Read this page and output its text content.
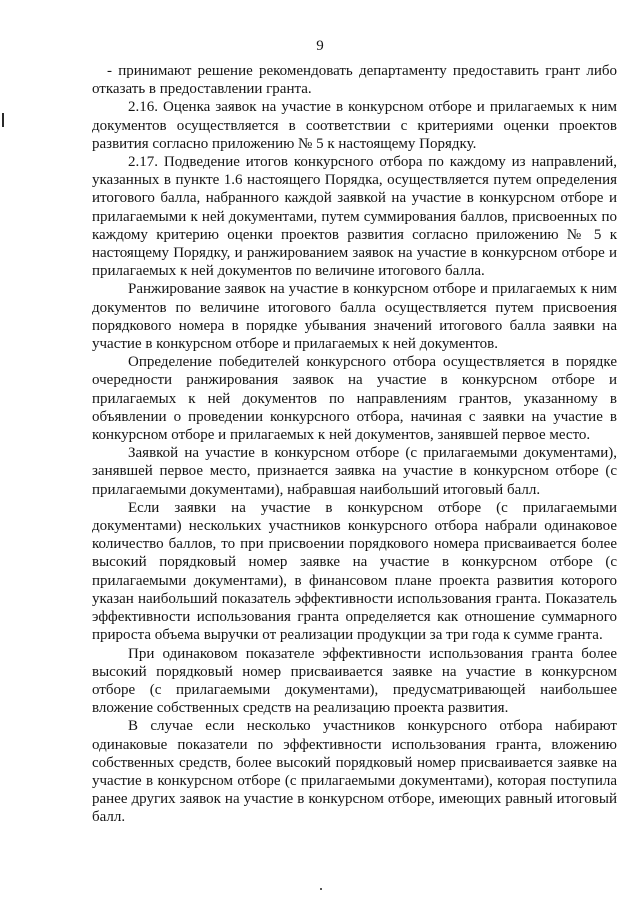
9

- принимают решение рекомендовать департаменту предоставить грант либо отказать в предоставлении гранта.

2.16. Оценка заявок на участие в конкурсном отборе и прилагаемых к ним документов осуществляется в соответствии с критериями оценки проектов развития согласно приложению № 5 к настоящему Порядку.

2.17. Подведение итогов конкурсного отбора по каждому из направлений, указанных в пункте 1.6 настоящего Порядка, осуществляется путем определения итогового балла, набранного каждой заявкой на участие в конкурсном отборе и прилагаемыми к ней документами, путем суммирования баллов, присвоенных по каждому критерию оценки проектов развития согласно приложению № 5 к настоящему Порядку, и ранжированием заявок на участие в конкурсном отборе и прилагаемых к ней документов по величине итогового балла.

Ранжирование заявок на участие в конкурсном отборе и прилагаемых к ним документов по величине итогового балла осуществляется путем присвоения порядкового номера в порядке убывания значений итогового балла заявки на участие в конкурсном отборе и прилагаемых к ней документов.

Определение победителей конкурсного отбора осуществляется в порядке очередности ранжирования заявок на участие в конкурсном отборе и прилагаемых к ней документов по направлениям грантов, указанному в объявлении о проведении конкурсного отбора, начиная с заявки на участие в конкурсном отборе и прилагаемых к ней документов, занявшей первое место.

Заявкой на участие в конкурсном отборе (с прилагаемыми документами), занявшей первое место, признается заявка на участие в конкурсном отборе (с прилагаемыми документами), набравшая наибольший итоговый балл.

Если заявки на участие в конкурсном отборе (с прилагаемыми документами) нескольких участников конкурсного отбора набрали одинаковое количество баллов, то при присвоении порядкового номера присваивается более высокий порядковый номер заявке на участие в конкурсном отборе (с прилагаемыми документами), в финансовом плане проекта развития которого указан наибольший показатель эффективности использования гранта. Показатель эффективности использования гранта определяется как отношение суммарного прироста объема выручки от реализации продукции за три года к сумме гранта.

При одинаковом показателе эффективности использования гранта более высокий порядковый номер присваивается заявке на участие в конкурсном отборе (с прилагаемыми документами), предусматривающей наибольшее вложение собственных средств на реализацию проекта развития.

В случае если несколько участников конкурсного отбора набирают одинаковые показатели по эффективности использования гранта, вложению собственных средств, более высокий порядковый номер присваивается заявке на участие в конкурсном отборе (с прилагаемыми документами), которая поступила ранее других заявок на участие в конкурсном отборе, имеющих равный итоговый балл.
